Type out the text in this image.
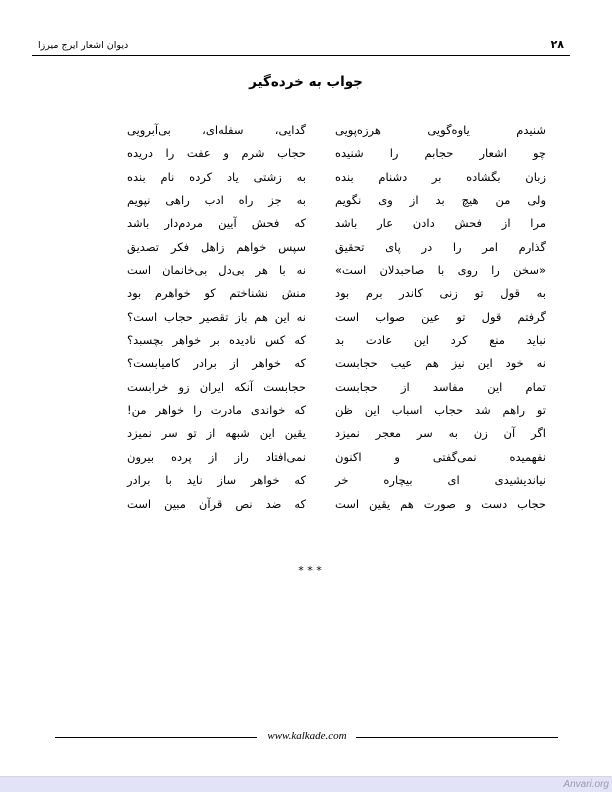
دیوان اشعار ایرج میرزا	۲۸
جواب به خرده‌گیر
شنیدم یاوه‌گویی هرزه‌پویی
گدایی، سفله‌ای، بی‌آبرویی
چو اشعار حجابم را شنیده
حجاب شرم و عفت را دریده
زبان بگشاده بر دشنام بنده
به زشتی یاد کرده نام بنده
ولی من هیچ بد از وی نگویم
به جز راه ادب راهی نپویم
مرا از فحش دادن عار باشد
که فحش آیین مردم‌دار باشد
گذارم امر را در پای تحقیق
سپس خواهم زاهل فکر تصدیق
«سخن را روی با صاحبدلان است»
نه با هر بی‌دل بی‌خانمان است
به قول تو زنی کاندر برم بود
منش نشناختم کو خواهرم بود
گرفتم قول تو عین صواب است
نه این هم باز تقصیر حجاب است؟
نباید منع کرد این عادت بد
که کس نادیده بر خواهر بچسبد؟
نه خود این نیز هم عیب حجابست
که خواهر از برادر کامیابست؟
تمام این مفاسد از حجابست
حجابست آنکه ایران زو خرابست
تو راهم شد حجاب اسباب این ظن
که خواندی مادرت را خواهر من!
اگر آن زن به سر معجر نمیزد
یقین این شبهه از تو سر نمیزد
نفهمیده نمی‌گفتی و اکنون
نمی‌افتاد راز از پرده بیرون
نیاندیشیدی ای بیچاره خر
که خواهر ساز ناید با برادر
حجاب دست و صورت هم یقین است
که ضد نص قرآن مبین است
* * *
www.kalkade.com
Anvari.org
